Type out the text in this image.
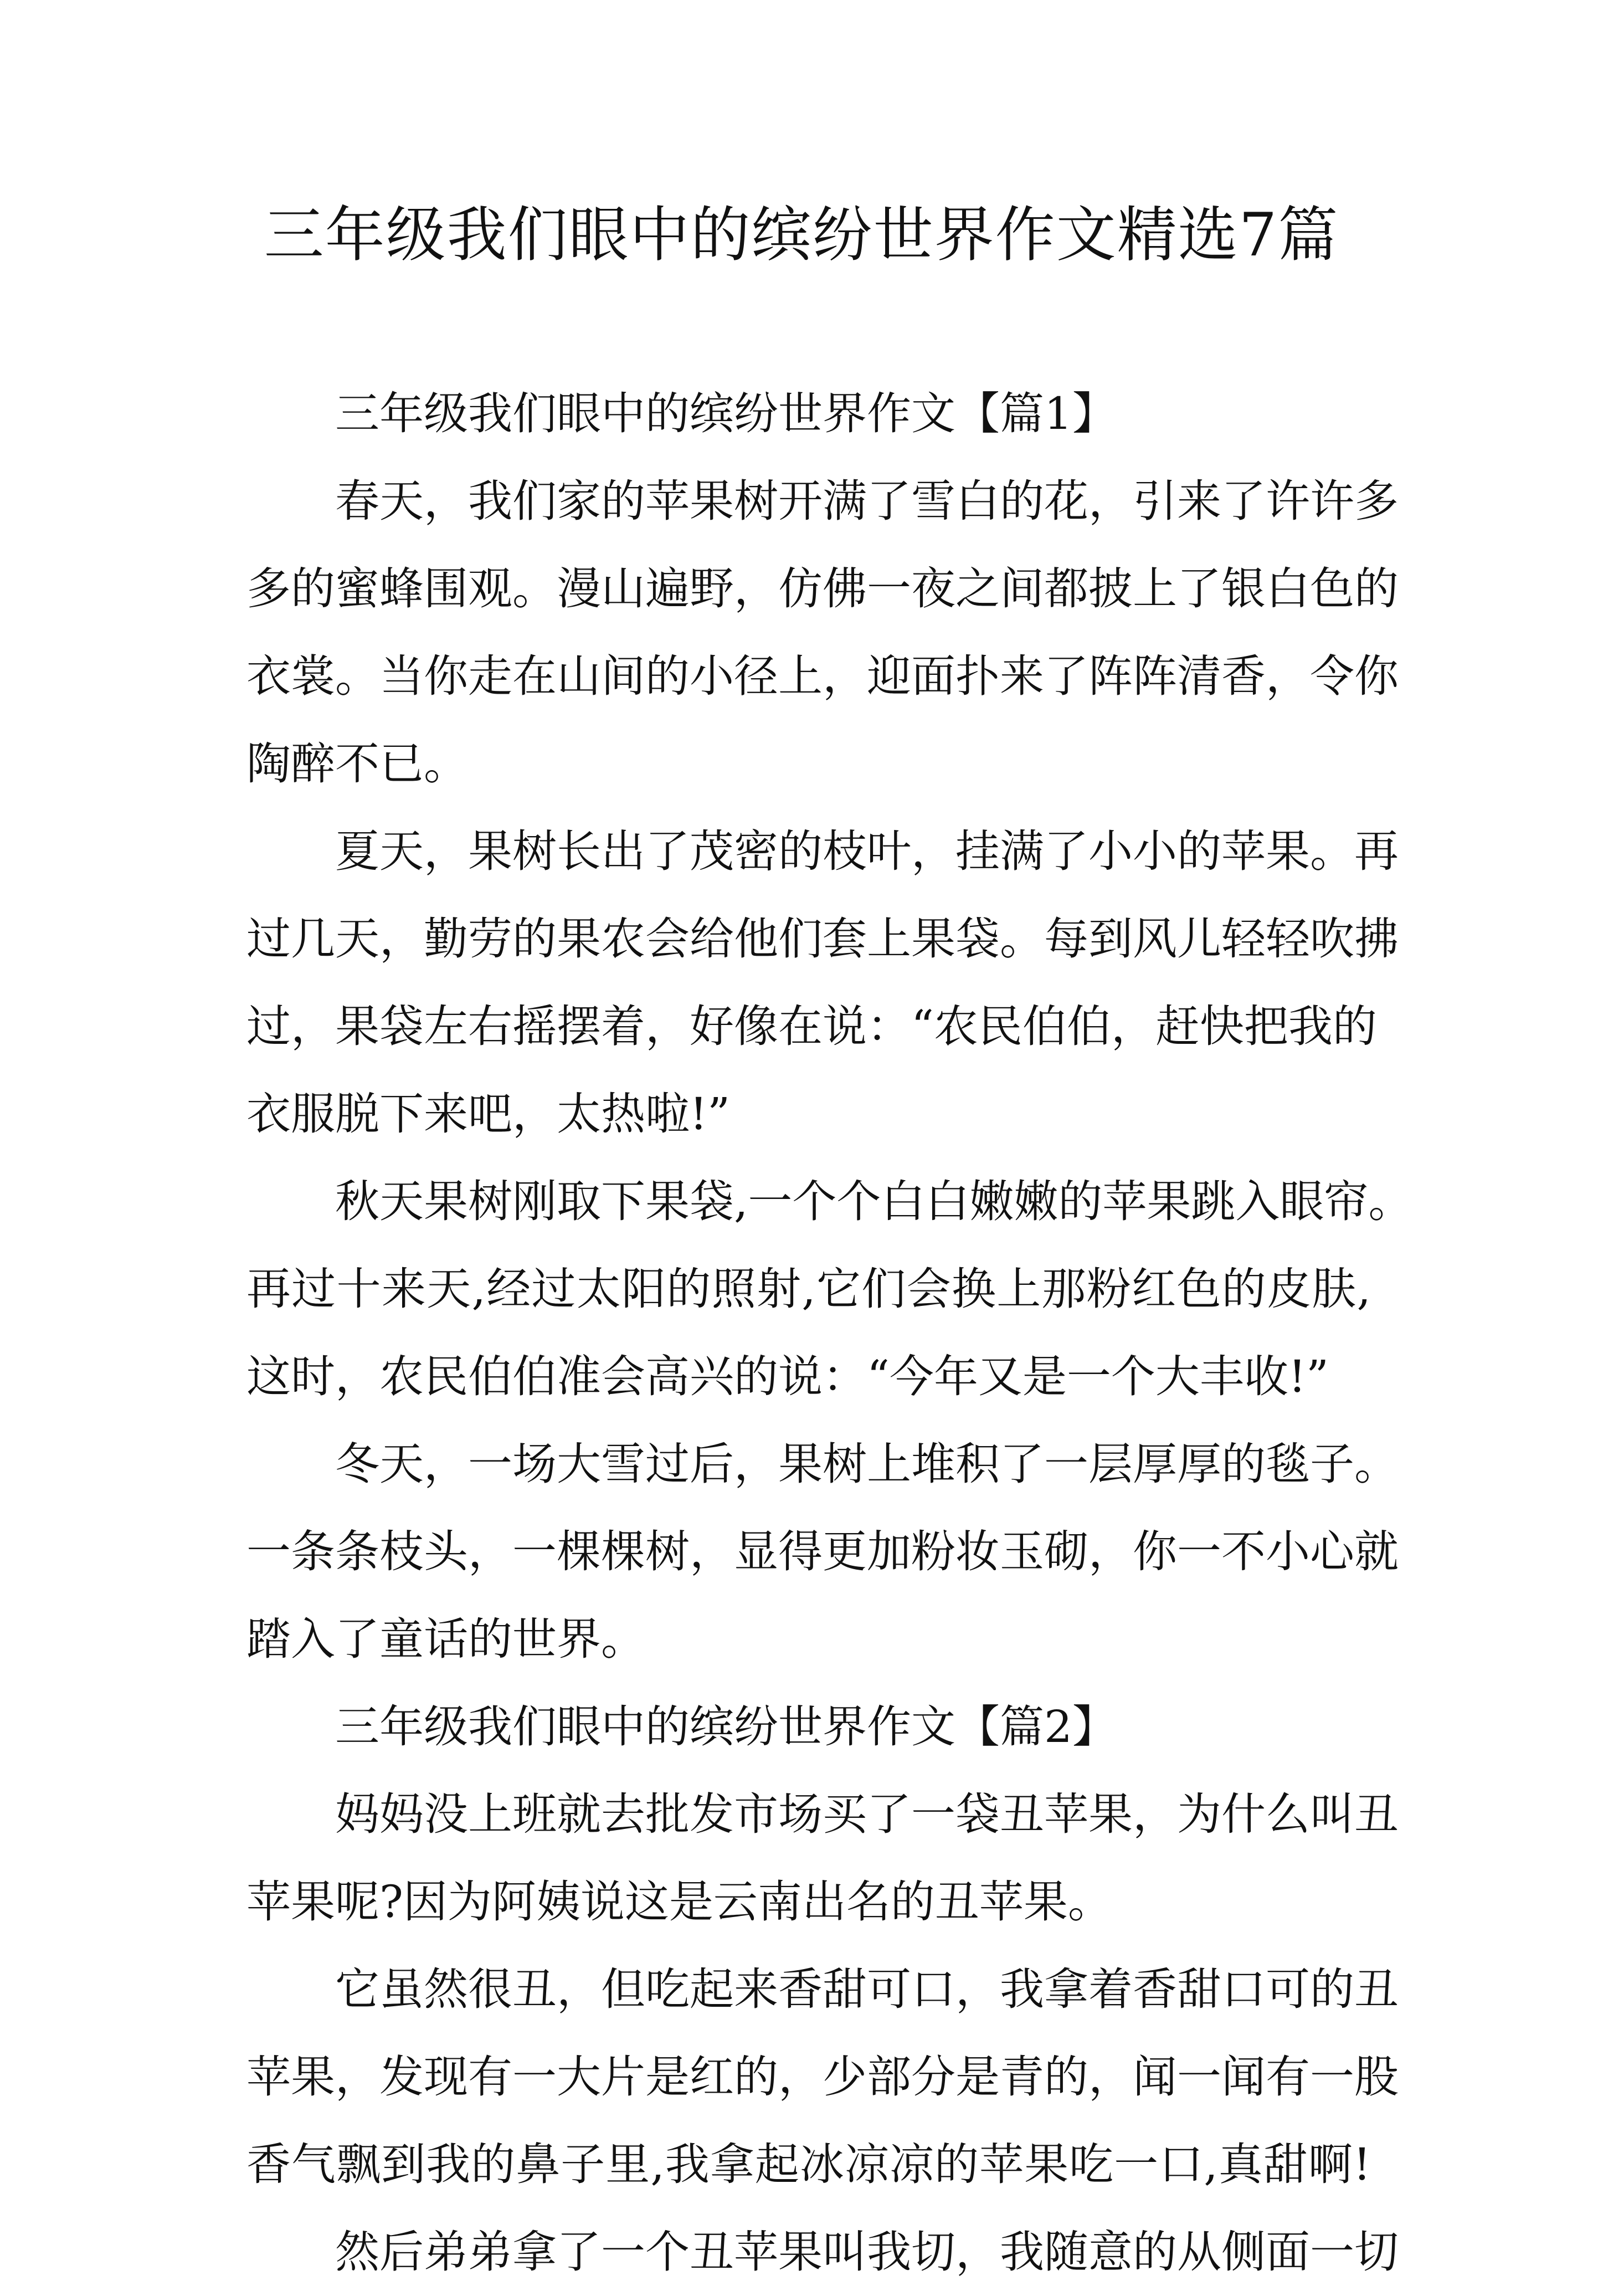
三年级我们眼中的缤纷世界作文精选7篇
三年级我们眼中的缤纷世界作文【篇1】
春天，我们家的苹果树开满了雪白的花，引来了许许多
多的蜜蜂围观。漫山遍野，仿佛一夜之间都披上了银白色的
衣裳。当你走在山间的小径上，迎面扑来了阵阵清香，令你
陶醉不已。
夏天，果树长出了茂密的枝叶，挂满了小小的苹果。再
过几天，勤劳的果农会给他们套上果袋。每到风儿轻轻吹拂
过，果袋左右摇摆着，好像在说：“农民伯伯，赶快把我的
衣服脱下来吧，太热啦!”
秋天果树刚取下果袋,一个个白白嫩嫩的苹果跳入眼帘。
再过十来天,经过太阳的照射,它们会换上那粉红色的皮肤,
这时，农民伯伯准会高兴的说：“今年又是一个大丰收!”
冬天，一场大雪过后，果树上堆积了一层厚厚的毯子。
一条条枝头，一棵棵树，显得更加粉妆玉砌，你一不小心就
踏入了童话的世界。
三年级我们眼中的缤纷世界作文【篇2】
妈妈没上班就去批发市场买了一袋丑苹果，为什么叫丑
苹果呢?因为阿姨说这是云南出名的丑苹果。
它虽然很丑，但吃起来香甜可口，我拿着香甜口可的丑
苹果，发现有一大片是红的，少部分是青的，闻一闻有一股
香气飘到我的鼻子里,我拿起冰凉凉的苹果吃一口,真甜啊!
然后弟弟拿了一个丑苹果叫我切，我随意的从侧面一切
